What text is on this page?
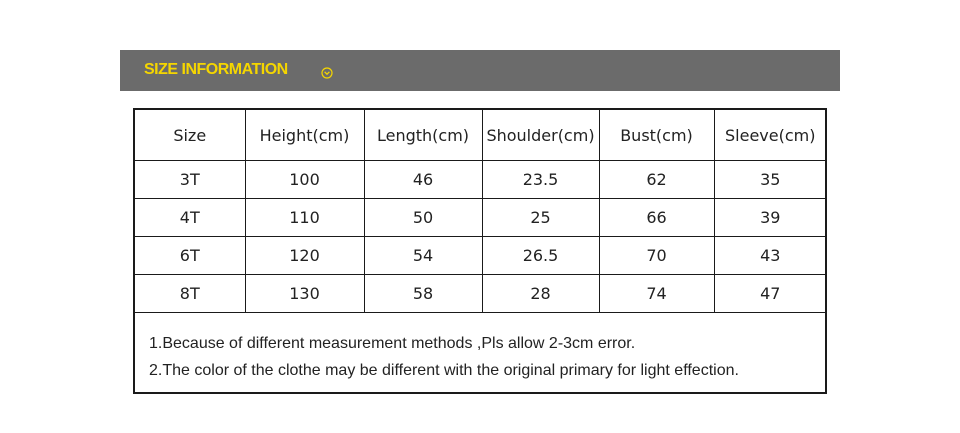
SIZE INFORMATION
Size	Height(cm)	Length(cm)	Shoulder(cm)	Bust(cm)	Sleeve(cm)
3T	100	46	23.5	62	35
4T	110	50	25	66	39
6T	120	54	26.5	70	43
8T	130	58	28	74	47
1.Because of different measurement methods ,Pls allow 2-3cm error.
2.The color of the clothe may be different with the original primary for light effection.
